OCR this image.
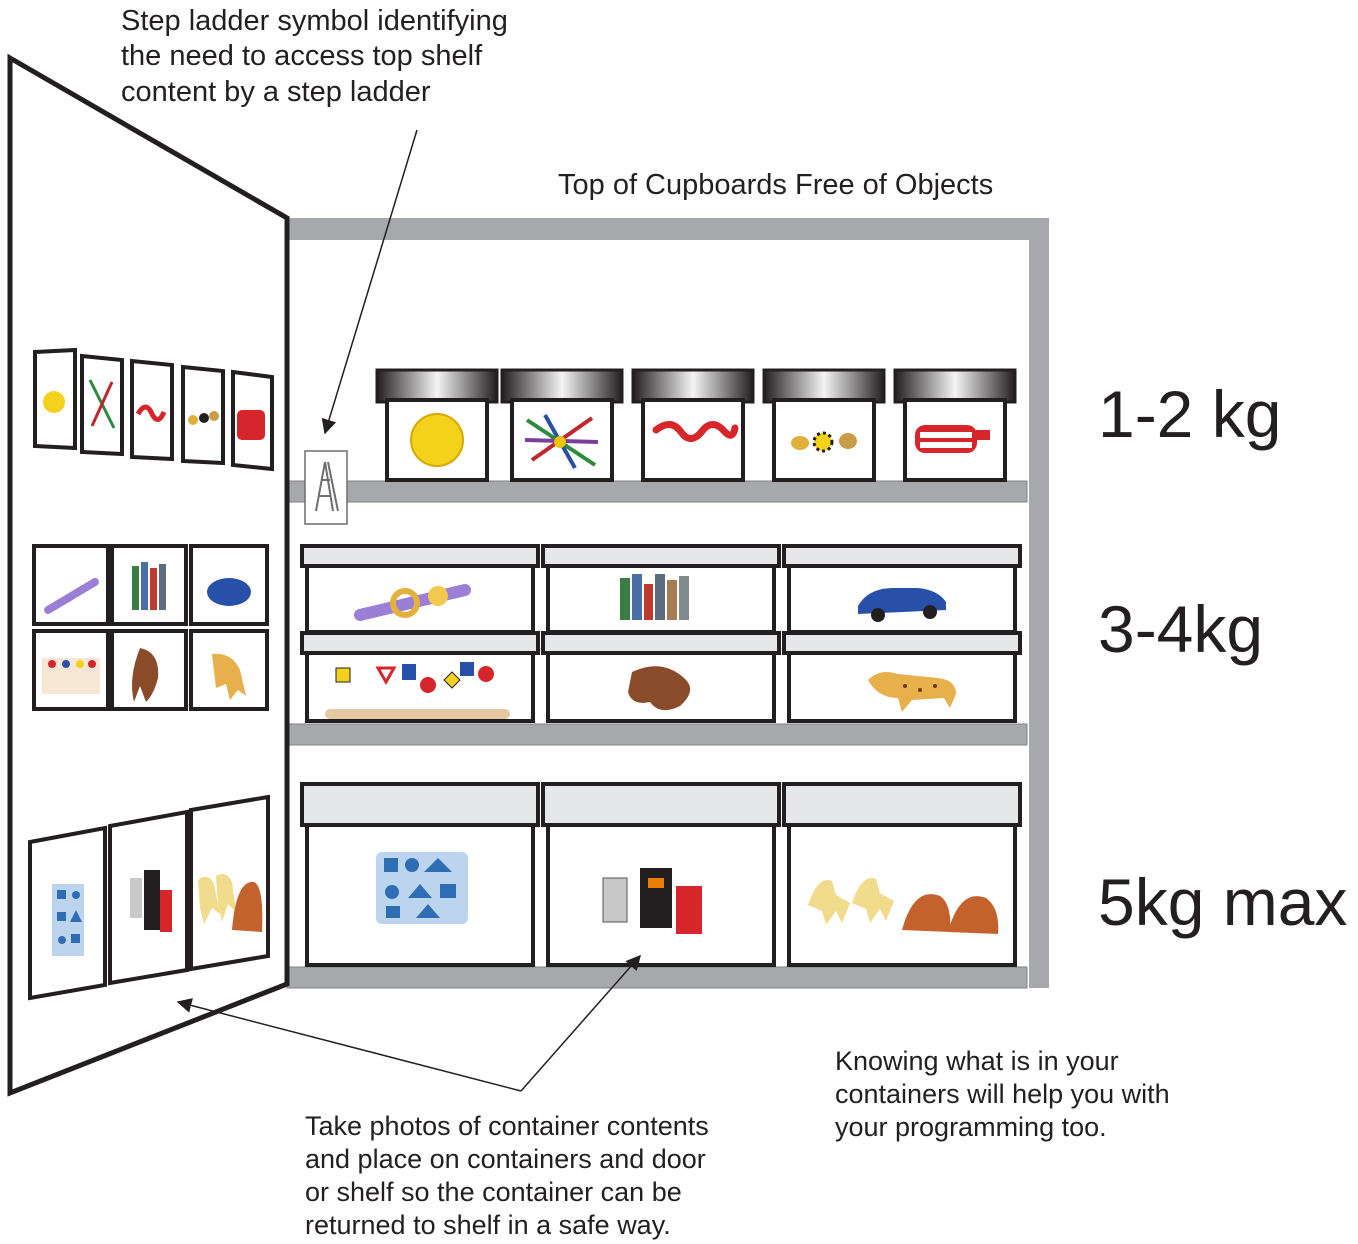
Step ladder symbol identifying
the need to access top shelf
content by a step ladder

Top of Cupboards Free of Objects

Take photos of container contents
and place on containers and door
or shelf so the container can be
returned to shelf in a safe way.

Knowing what is in your
containers will help you with
your programming too.

1-2 kg
3-4kg
5kg max
